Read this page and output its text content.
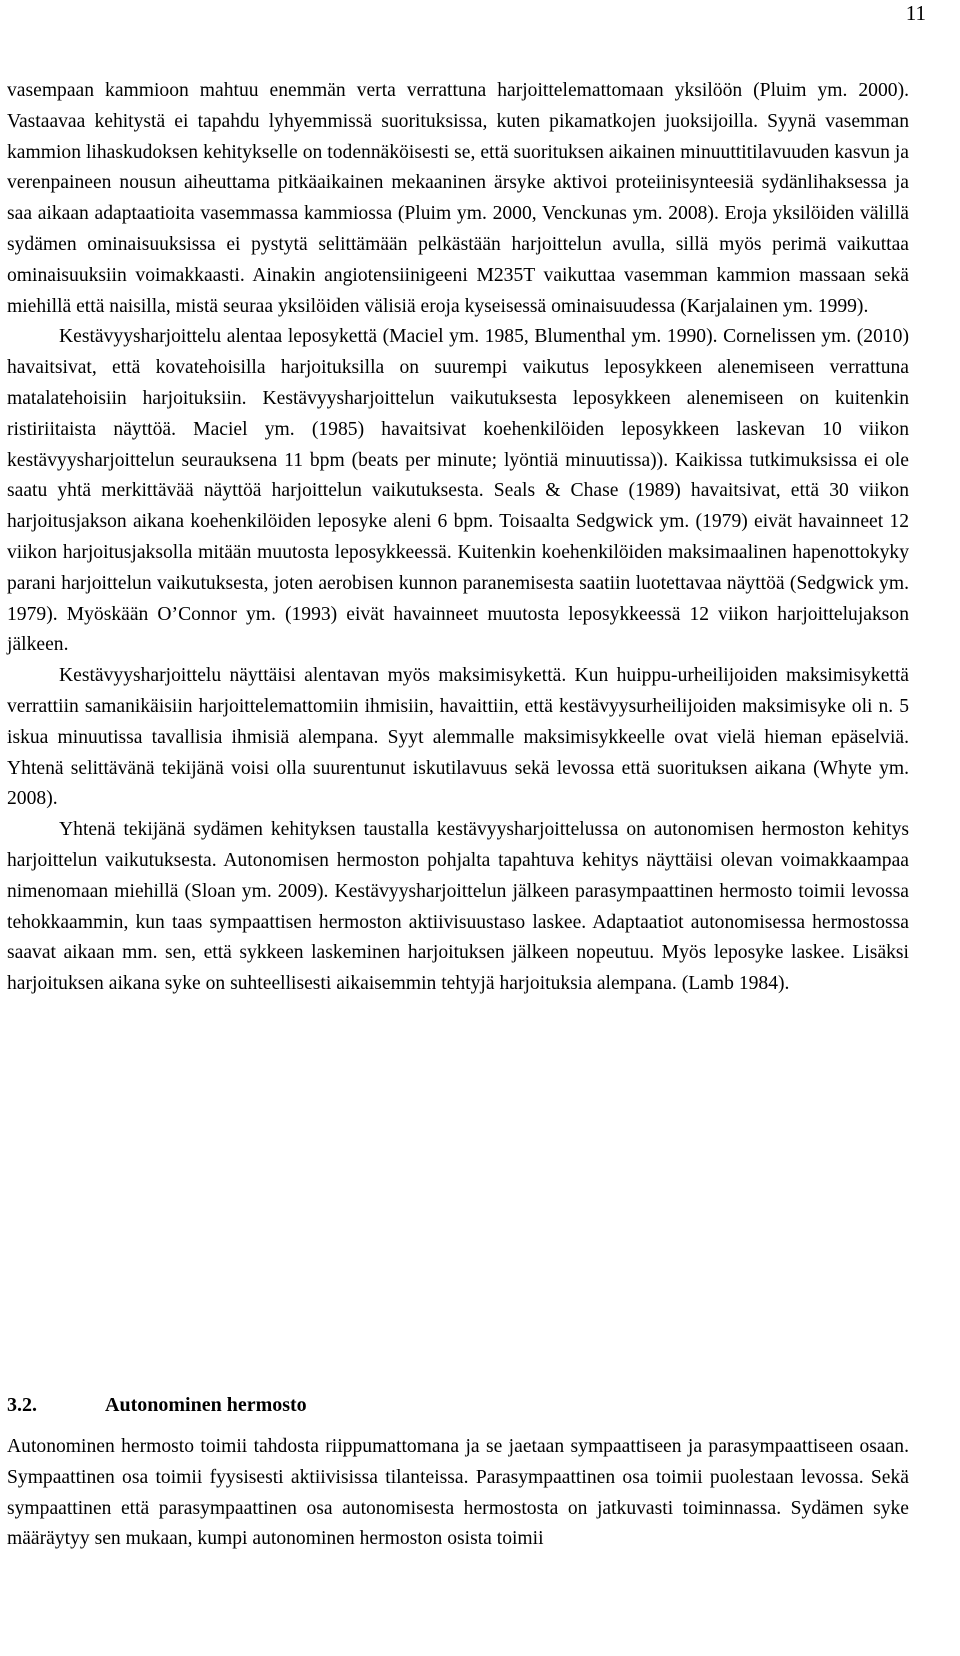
11

vasempaan kammioon mahtuu enemmän verta verrattuna harjoittelemattomaan yksilöön (Pluim ym. 2000). Vastaavaa kehitystä ei tapahdu lyhyemmissä suorituksissa, kuten pikamatkojen juoksijoilla. Syynä vasemman kammion lihaskudoksen kehitykselle on todennäköisesti se, että suorituksen aikainen minuuttitilavuuden kasvun ja verenpaineen nousun aiheuttama pitkäaikainen mekaaninen ärsyke aktivoi proteiinisynteesiä sydänlihaksessa ja saa aikaan adaptaatioita vasemmassa kammiossa (Pluim ym. 2000, Venckunas ym. 2008). Eroja yksilöiden välillä sydämen ominaisuuksissa ei pystytä selittämään pelkästään harjoittelun avulla, sillä myös perimä vaikuttaa ominaisuuksiin voimakkaasti. Ainakin angiotensiinigeeni M235T vaikuttaa vasemman kammion massaan sekä miehillä että naisilla, mistä seuraa yksilöiden välisiä eroja kyseisessä ominaisuudessa (Karjalainen ym. 1999).

Kestävyysharjoittelu alentaa leposykettä (Maciel ym. 1985, Blumenthal ym. 1990). Cornelissen ym. (2010) havaitsivat, että kovatehoisilla harjoituksilla on suurempi vaikutus leposykkeen alenemiseen verrattuna matalatehoisiin harjoituksiin. Kestävyysharjoittelun vaikutuksesta leposykkeen alenemiseen on kuitenkin ristiriitaista näyttöä. Maciel ym. (1985) havaitsivat koehenkilöiden leposykkeen laskevan 10 viikon kestävyysharjoittelun seurauksena 11 bpm (beats per minute; lyöntiä minuutissa)). Kaikissa tutkimuksissa ei ole saatu yhtä merkittävää näyttöä harjoittelun vaikutuksesta. Seals & Chase (1989) havaitsivat, että 30 viikon harjoitusjakson aikana koehenkilöiden leposyke aleni 6 bpm. Toisaalta Sedgwick ym. (1979) eivät havainneet 12 viikon harjoitusjaksolla mitään muutosta leposykkeessä. Kuitenkin koehenkilöiden maksimaalinen hapenottokyky parani harjoittelun vaikutuksesta, joten aerobisen kunnon paranemisesta saatiin luotettavaa näyttöä (Sedgwick ym. 1979). Myöskään O’Connor ym. (1993) eivät havainneet muutosta leposykkeessä 12 viikon harjoittelujakson jälkeen.

Kestävyysharjoittelu näyttäisi alentavan myös maksimisykettä. Kun huippu-urheilijoiden maksimisykettä verrattiin samanikäisiin harjoittelemattomiin ihmisiin, havaittiin, että kestävyysurheilijoiden maksimisyke oli n. 5 iskua minuutissa tavallisia ihmisiä alempana. Syyt alemmalle maksimisykkeelle ovat vielä hieman epäselviä. Yhtenä selittävänä tekijänä voisi olla suurentunut iskutilavuus sekä levossa että suorituksen aikana (Whyte ym. 2008).

Yhtenä tekijänä sydämen kehityksen taustalla kestävyysharjoittelussa on autonomisen hermoston kehitys harjoittelun vaikutuksesta. Autonomisen hermoston pohjalta tapahtuva kehitys näyttäisi olevan voimakkaampaa nimenomaan miehillä (Sloan ym. 2009). Kestävyysharjoittelun jälkeen parasympaattinen hermosto toimii levossa tehokkaammin, kun taas sympaattisen hermoston aktiivisuustaso laskee. Adaptaatiot autonomisessa hermostossa saavat aikaan mm. sen, että sykkeen laskeminen harjoituksen jälkeen nopeutuu. Myös leposyke laskee. Lisäksi harjoituksen aikana syke on suhteellisesti aikaisemmin tehtyjä harjoituksia alempana. (Lamb 1984).

3.2.	Autonominen hermosto

Autonominen hermosto toimii tahdosta riippumattomana ja se jaetaan sympaattiseen ja parasympaattiseen osaan. Sympaattinen osa toimii fyysisesti aktiivisissa tilanteissa. Parasympaattinen osa toimii puolestaan levossa. Sekä sympaattinen että parasympaattinen osa autonomisesta hermostosta on jatkuvasti toiminnassa. Sydämen syke määräytyy sen mukaan, kumpi autonominen hermoston osista toimii
